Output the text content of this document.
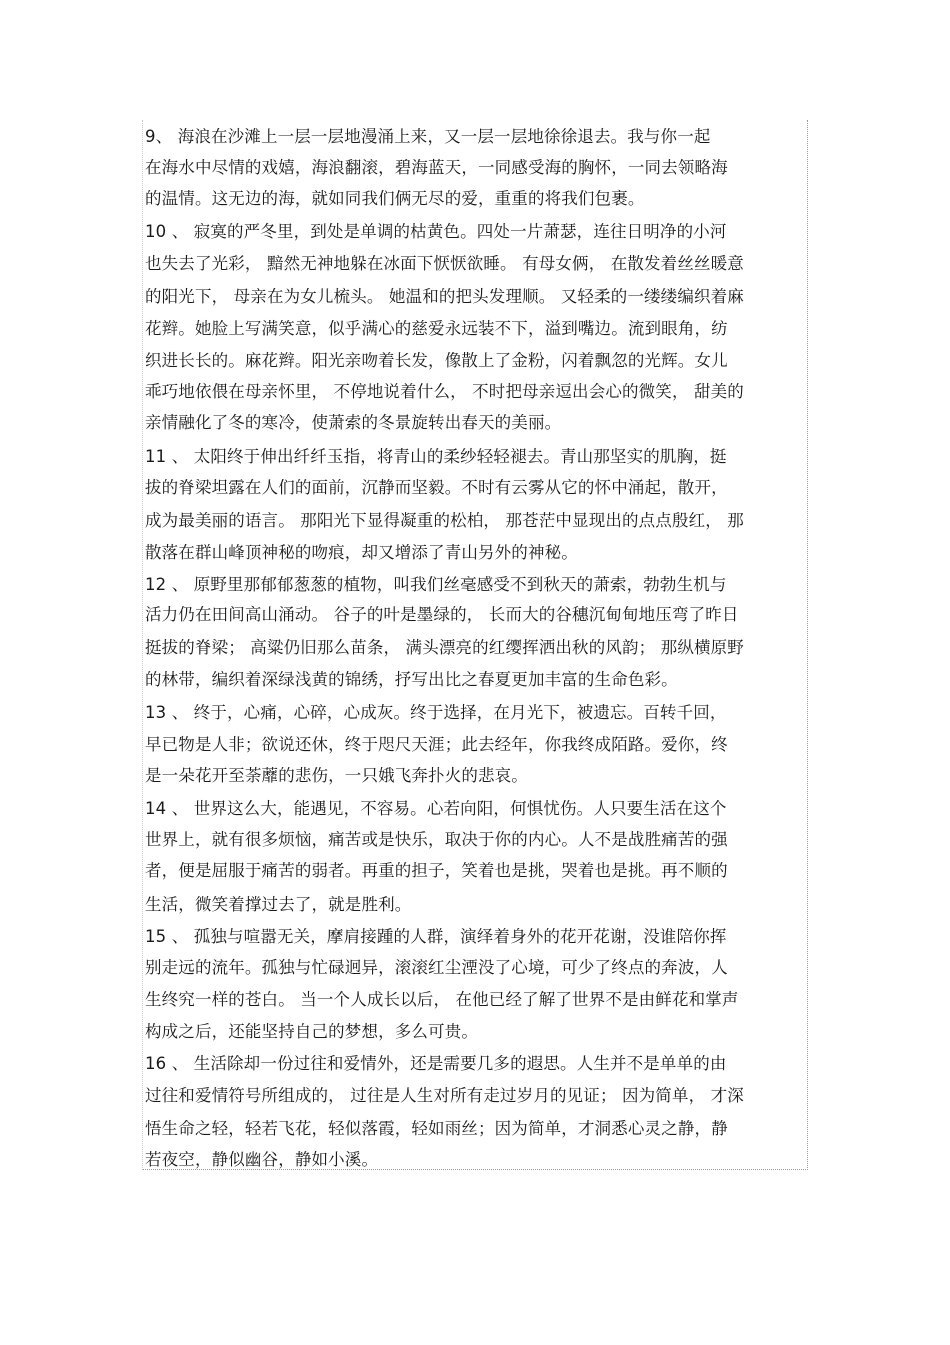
9、 海浪在沙滩上一层一层地漫涌上来，又一层一层地徐徐退去。我与你一起
在海水中尽情的戏嬉，海浪翻滚，碧海蓝天，一同感受海的胸怀，一同去领略海
的温情。这无边的海，就如同我们俩无尽的爱，重重的将我们包裹。
10 、 寂寞的严冬里，到处是单调的枯黄色。四处一片萧瑟，连往日明净的小河
也失去了光彩， 黯然无神地躲在冰面下恹恹欲睡。 有母女俩， 在散发着丝丝暖意
的阳光下， 母亲在为女儿梳头。 她温和的把头发理顺。 又轻柔的一缕缕编织着麻
花辫。她脸上写满笑意，似乎满心的慈爱永远装不下，溢到嘴边。流到眼角，纺
织进长长的。麻花辫。阳光亲吻着长发，像散上了金粉，闪着飘忽的光辉。女儿
乖巧地依偎在母亲怀里， 不停地说着什么， 不时把母亲逗出会心的微笑， 甜美的
亲情融化了冬的寒冷，使萧索的冬景旋转出春天的美丽。
11 、 太阳终于伸出纤纤玉指，将青山的柔纱轻轻褪去。青山那坚实的肌胸，挺
拔的脊梁坦露在人们的面前，沉静而坚毅。不时有云雾从它的怀中涌起，散开，
成为最美丽的语言。 那阳光下显得凝重的松柏， 那苍茫中显现出的点点殷红， 那
散落在群山峰顶神秘的吻痕，却又增添了青山另外的神秘。
12 、 原野里那郁郁葱葱的植物，叫我们丝毫感受不到秋天的萧索，勃勃生机与
活力仍在田间高山涌动。 谷子的叶是墨绿的， 长而大的谷穗沉甸甸地压弯了昨日
挺拔的脊梁； 高粱仍旧那么苗条， 满头漂亮的红缨挥洒出秋的风韵； 那纵横原野
的林带，编织着深绿浅黄的锦绣，抒写出比之春夏更加丰富的生命色彩。
13 、 终于，心痛，心碎，心成灰。终于选择，在月光下，被遗忘。百转千回，
早已物是人非；欲说还休，终于咫尺天涯；此去经年，你我终成陌路。爱你，终
是一朵花开至荼蘼的悲伤，一只娥飞奔扑火的悲哀。
14 、 世界这么大，能遇见，不容易。心若向阳，何惧忧伤。人只要生活在这个
世界上，就有很多烦恼，痛苦或是快乐，取决于你的内心。人不是战胜痛苦的强
者，便是屈服于痛苦的弱者。再重的担子，笑着也是挑，哭着也是挑。再不顺的
生活，微笑着撑过去了，就是胜利。
15 、 孤独与喧嚣无关，摩肩接踵的人群，演绎着身外的花开花谢，没谁陪你挥
别走远的流年。孤独与忙碌迥异，滚滚红尘湮没了心境，可少了终点的奔波，人
生终究一样的苍白。 当一个人成长以后， 在他已经了解了世界不是由鲜花和掌声
构成之后，还能坚持自己的梦想，多么可贵。
16 、 生活除却一份过往和爱情外，还是需要几多的遐思。人生并不是单单的由
过往和爱情符号所组成的， 过往是人生对所有走过岁月的见证； 因为简单， 才深
悟生命之轻，轻若飞花，轻似落霞，轻如雨丝；因为简单，才洞悉心灵之静，静
若夜空，静似幽谷，静如小溪。
